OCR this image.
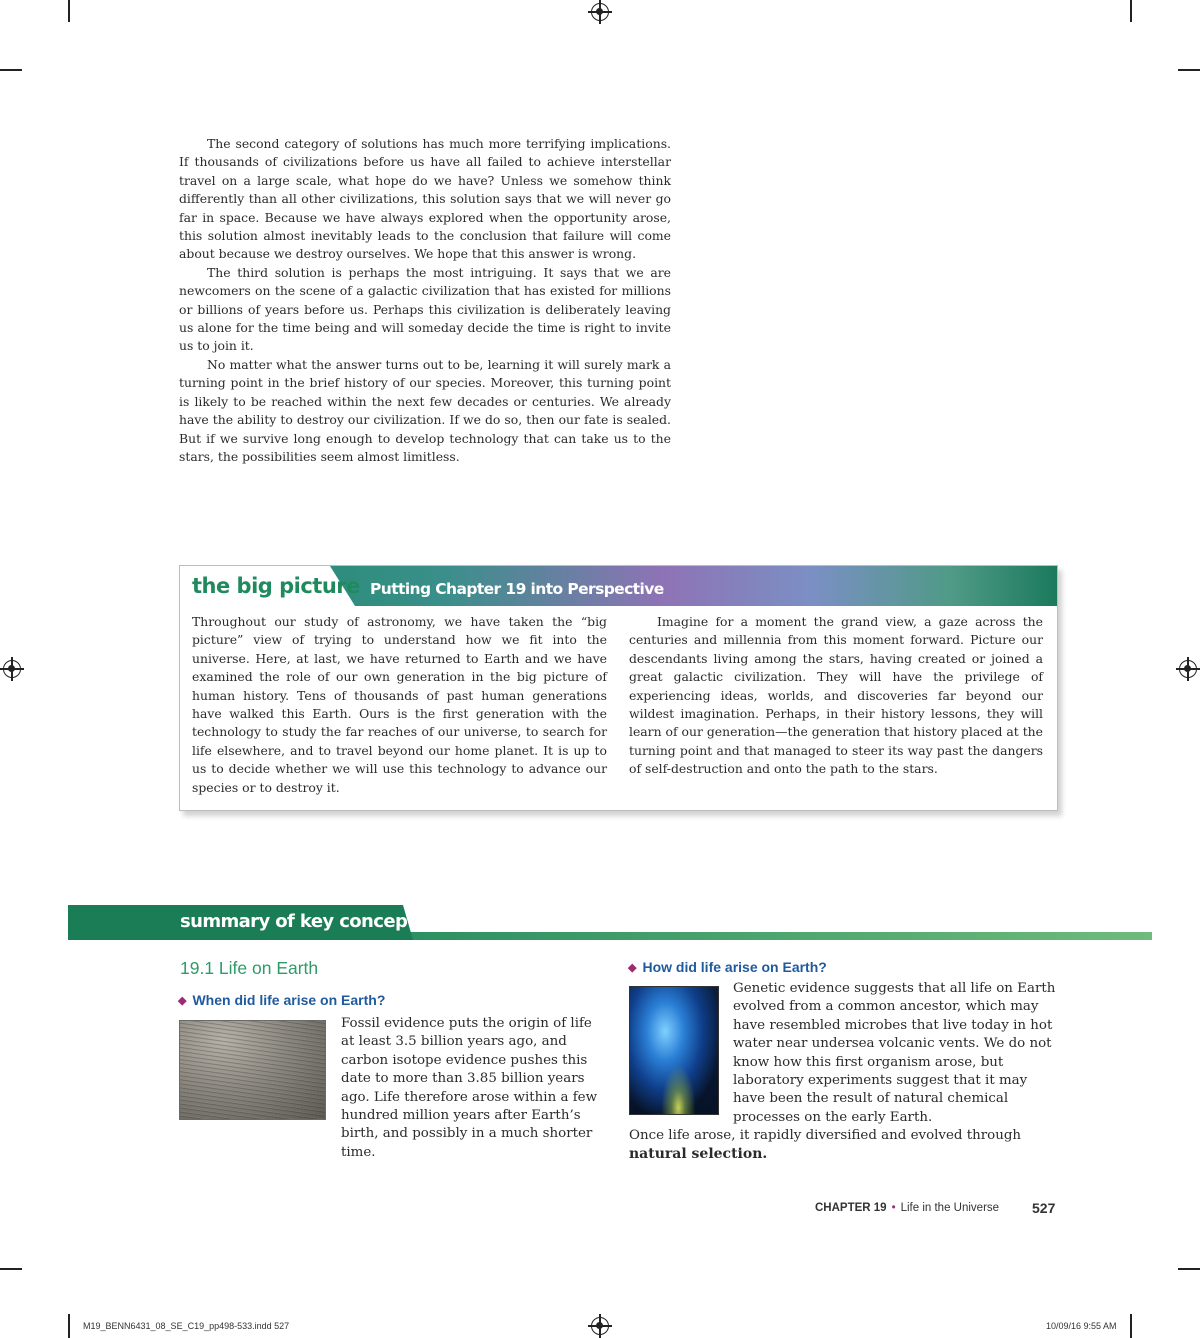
The second category of solutions has much more terrifying implications. If thousands of civilizations before us have all failed to achieve interstellar travel on a large scale, what hope do we have? Unless we somehow think differently than all other civilizations, this solution says that we will never go far in space. Because we have always explored when the opportunity arose, this solution almost inevitably leads to the conclusion that failure will come about because we destroy ourselves. We hope that this answer is wrong.

The third solution is perhaps the most intriguing. It says that we are newcomers on the scene of a galactic civilization that has existed for millions or billions of years before us. Perhaps this civilization is deliberately leaving us alone for the time being and will someday decide the time is right to invite us to join it.

No matter what the answer turns out to be, learning it will surely mark a turning point in the brief history of our species. Moreover, this turning point is likely to be reached within the next few decades or centuries. We already have the ability to destroy our civilization. If we do so, then our fate is sealed. But if we survive long enough to develop technology that can take us to the stars, the possibilities seem almost limitless.

the big picture Putting Chapter 19 into Perspective

Throughout our study of astronomy, we have taken the “big picture” view of trying to understand how we fit into the universe. Here, at last, we have returned to Earth and we have examined the role of our own generation in the big picture of human history. Tens of thousands of past human generations have walked this Earth. Ours is the first generation with the technology to study the far reaches of our universe, to search for life elsewhere, and to travel beyond our home planet. It is up to us to decide whether we will use this technology to advance our species or to destroy it.

Imagine for a moment the grand view, a gaze across the centuries and millennia from this moment forward. Picture our descendants living among the stars, having created or joined a great galactic civilization. They will have the privilege of experiencing ideas, worlds, and discoveries far beyond our wildest imagination. Perhaps, in their history lessons, they will learn of our generation—the generation that history placed at the turning point and that managed to steer its way past the dangers of self-destruction and onto the path to the stars.

summary of key concepts
19.1 Life on Earth
◆ When did life arise on Earth?
Fossil evidence puts the origin of life at least 3.5 billion years ago, and carbon isotope evidence pushes this date to more than 3.85 billion years ago. Life therefore arose within a few hundred million years after Earth’s birth, and possibly in a much shorter time.
◆ How did life arise on Earth?
Genetic evidence suggests that all life on Earth evolved from a common ancestor, which may have resembled microbes that live today in hot water near undersea volcanic vents. We do not know how this first organism arose, but laboratory experiments suggest that it may have been the result of natural chemical processes on the early Earth.
Once life arose, it rapidly diversified and evolved through
natural selection.
CHAPTER 19 • Life in the Universe 527
M19_BENN6431_08_SE_C19_pp498-533.indd 527	10/09/16 9:55 AM
